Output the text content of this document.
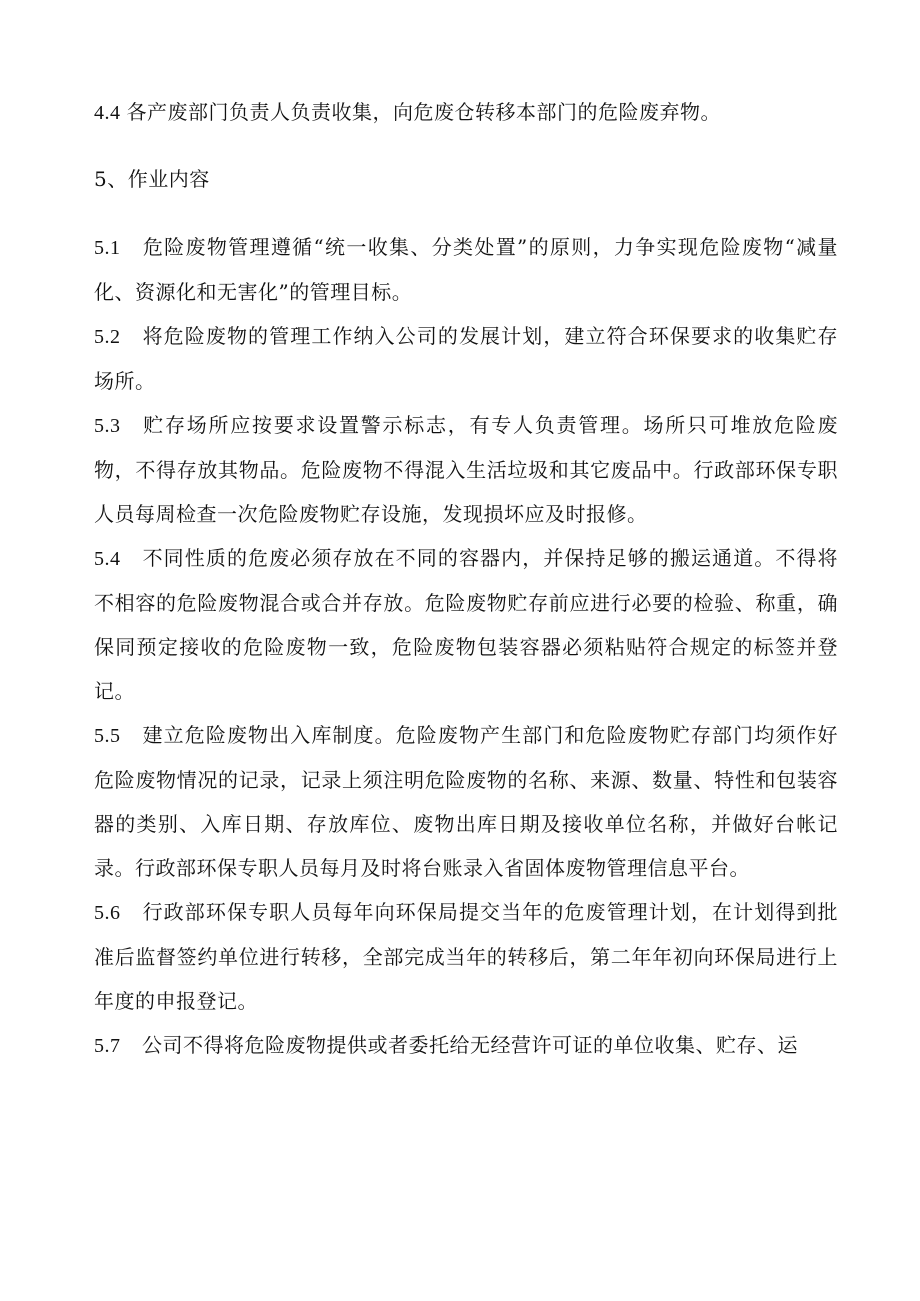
4.4 各产废部门负责人负责收集，向危废仓转移本部门的危险废弃物。

5、作业内容

5.1 危险废物管理遵循“统一收集、分类处置”的原则，力争实现危险废物“减量化、资源化和无害化”的管理目标。

5.2 将危险废物的管理工作纳入公司的发展计划，建立符合环保要求的收集贮存场所。

5.3 贮存场所应按要求设置警示标志，有专人负责管理。场所只可堆放危险废物，不得存放其物品。危险废物不得混入生活垃圾和其它废品中。行政部环保专职人员每周检查一次危险废物贮存设施，发现损坏应及时报修。

5.4 不同性质的危废必须存放在不同的容器内，并保持足够的搬运通道。不得将不相容的危险废物混合或合并存放。危险废物贮存前应进行必要的检验、称重，确保同预定接收的危险废物一致，危险废物包装容器必须粘贴符合规定的标签并登记。

5.5 建立危险废物出入库制度。危险废物产生部门和危险废物贮存部门均须作好危险废物情况的记录，记录上须注明危险废物的名称、来源、数量、特性和包装容器的类别、入库日期、存放库位、废物出库日期及接收单位名称，并做好台帐记录。行政部环保专职人员每月及时将台账录入省固体废物管理信息平台。

5.6 行政部环保专职人员每年向环保局提交当年的危废管理计划，在计划得到批准后监督签约单位进行转移，全部完成当年的转移后，第二年年初向环保局进行上年度的申报登记。

5.7 公司不得将危险废物提供或者委托给无经营许可证的单位收集、贮存、运
